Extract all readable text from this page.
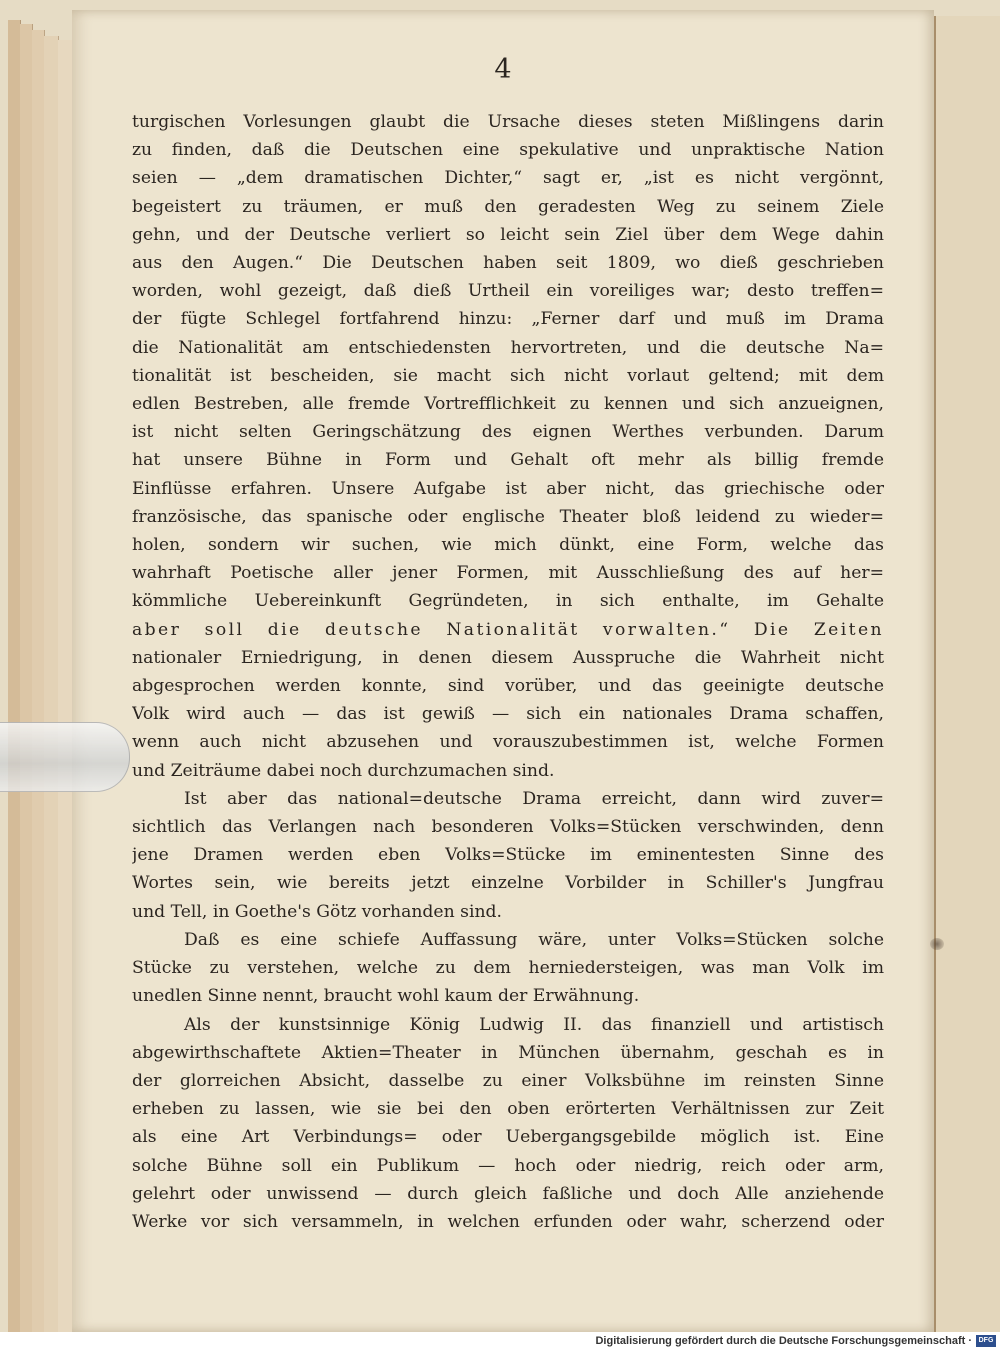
4
turgischen Vorlesungen glaubt die Ursache dieses steten Mißlingens darin
zu finden, daß die Deutschen eine spekulative und unpraktische Nation
seien — „dem dramatischen Dichter,“ sagt er, „ist es nicht vergönnt,
begeistert zu träumen, er muß den geradesten Weg zu seinem Ziele
gehn, und der Deutsche verliert so leicht sein Ziel über dem Wege dahin
aus den Augen.“ Die Deutschen haben seit 1809, wo dieß geschrieben
worden, wohl gezeigt, daß dieß Urtheil ein voreiliges war; desto treffen=
der fügte Schlegel fortfahrend hinzu: „Ferner darf und muß im Drama
die Nationalität am entschiedensten hervortreten, und die deutsche Na=
tionalität ist bescheiden, sie macht sich nicht vorlaut geltend; mit dem
edlen Bestreben, alle fremde Vortrefflichkeit zu kennen und sich anzueignen,
ist nicht selten Geringschätzung des eignen Werthes verbunden. Darum
hat unsere Bühne in Form und Gehalt oft mehr als billig fremde
Einflüsse erfahren. Unsere Aufgabe ist aber nicht, das griechische oder
französische, das spanische oder englische Theater bloß leidend zu wieder=
holen, sondern wir suchen, wie mich dünkt, eine Form, welche das
wahrhaft Poetische aller jener Formen, mit Ausschließung des auf her=
kömmliche Uebereinkunft Gegründeten, in sich enthalte, im Gehalte
aber soll die deutsche Nationalität vorwalten.“ Die Zeiten
nationaler Erniedrigung, in denen diesem Ausspruche die Wahrheit nicht
abgesprochen werden konnte, sind vorüber, und das geeinigte deutsche
Volk wird auch — das ist gewiß — sich ein nationales Drama schaffen,
wenn auch nicht abzusehen und vorauszubestimmen ist, welche Formen
und Zeiträume dabei noch durchzumachen sind.
Ist aber das national=deutsche Drama erreicht, dann wird zuver=
sichtlich das Verlangen nach besonderen Volks=Stücken verschwinden, denn
jene Dramen werden eben Volks=Stücke im eminentesten Sinne des
Wortes sein, wie bereits jetzt einzelne Vorbilder in Schiller's Jungfrau
und Tell, in Goethe's Götz vorhanden sind.
Daß es eine schiefe Auffassung wäre, unter Volks=Stücken solche
Stücke zu verstehen, welche zu dem herniedersteigen, was man Volk im
unedlen Sinne nennt, braucht wohl kaum der Erwähnung.
Als der kunstsinnige König Ludwig II. das finanziell und artistisch
abgewirthschaftete Aktien=Theater in München übernahm, geschah es in
der glorreichen Absicht, dasselbe zu einer Volksbühne im reinsten Sinne
erheben zu lassen, wie sie bei den oben erörterten Verhältnissen zur Zeit
als eine Art Verbindungs= oder Uebergangsgebilde möglich ist. Eine
solche Bühne soll ein Publikum — hoch oder niedrig, reich oder arm,
gelehrt oder unwissend — durch gleich faßliche und doch Alle anziehende
Werke vor sich versammeln, in welchen erfunden oder wahr, scherzend oder
Digitalisierung gefördert durch die Deutsche Forschungsgemeinschaft · DFG
